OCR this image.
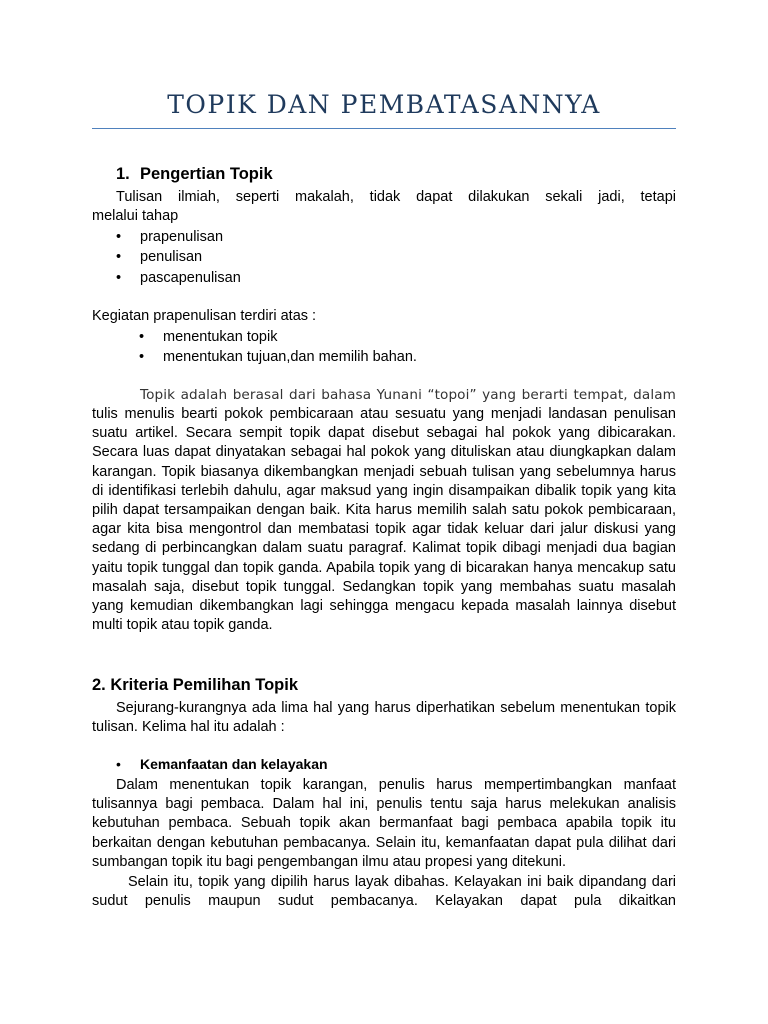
TOPIK DAN PEMBATASANNYA
1. Pengertian Topik

Tulisan ilmiah, seperti makalah, tidak dapat dilakukan sekali jadi, tetapi

melalui tahap

• prapenulisan
• penulisan
• pascapenulisan

Kegiatan prapenulisan terdiri atas :

• menentukan topik
• menentukan tujuan,dan memilih bahan.

Topik adalah berasal dari bahasa Yunani “topoi” yang berarti tempat, dalam

tulis menulis bearti pokok pembicaraan atau sesuatu yang menjadi landasan penulisan suatu artikel. Secara sempit topik dapat disebut sebagai hal pokok yang dibicarakan. Secara luas dapat dinyatakan sebagai hal pokok yang dituliskan atau diungkapkan dalam karangan. Topik biasanya dikembangkan menjadi sebuah tulisan yang sebelumnya harus di identifikasi terlebih dahulu, agar maksud yang ingin disampaikan dibalik topik yang kita pilih dapat tersampaikan dengan baik. Kita harus memilih salah satu pokok pembicaraan, agar kita bisa mengontrol dan membatasi topik agar tidak keluar dari jalur diskusi yang sedang di perbincangkan dalam suatu paragraf. Kalimat topik dibagi menjadi dua bagian yaitu topik tunggal dan topik ganda. Apabila topik yang di bicarakan hanya mencakup satu masalah saja, disebut topik tunggal. Sedangkan topik yang membahas suatu masalah yang kemudian dikembangkan lagi sehingga mengacu kepada masalah lainnya disebut multi topik atau topik ganda.

2. Kriteria Pemilihan Topik

Sejurang-kurangnya ada lima hal yang harus diperhatikan sebelum menentukan topik tulisan. Kelima hal itu adalah :

• Kemanfaatan dan kelayakan

Dalam menentukan topik karangan, penulis harus mempertimbangkan manfaat tulisannya bagi pembaca. Dalam hal ini, penulis tentu saja harus melekukan analisis kebutuhan pembaca. Sebuah topik akan bermanfaat bagi pembaca apabila topik itu berkaitan dengan kebutuhan pembacanya. Selain itu, kemanfaatan dapat pula dilihat dari sumbangan topik itu bagi pengembangan ilmu atau propesi yang ditekuni.

Selain itu, topik yang dipilih harus layak dibahas. Kelayakan ini baik dipandang dari sudut penulis maupun sudut pembacanya. Kelayakan dapat pula dikaitkan
